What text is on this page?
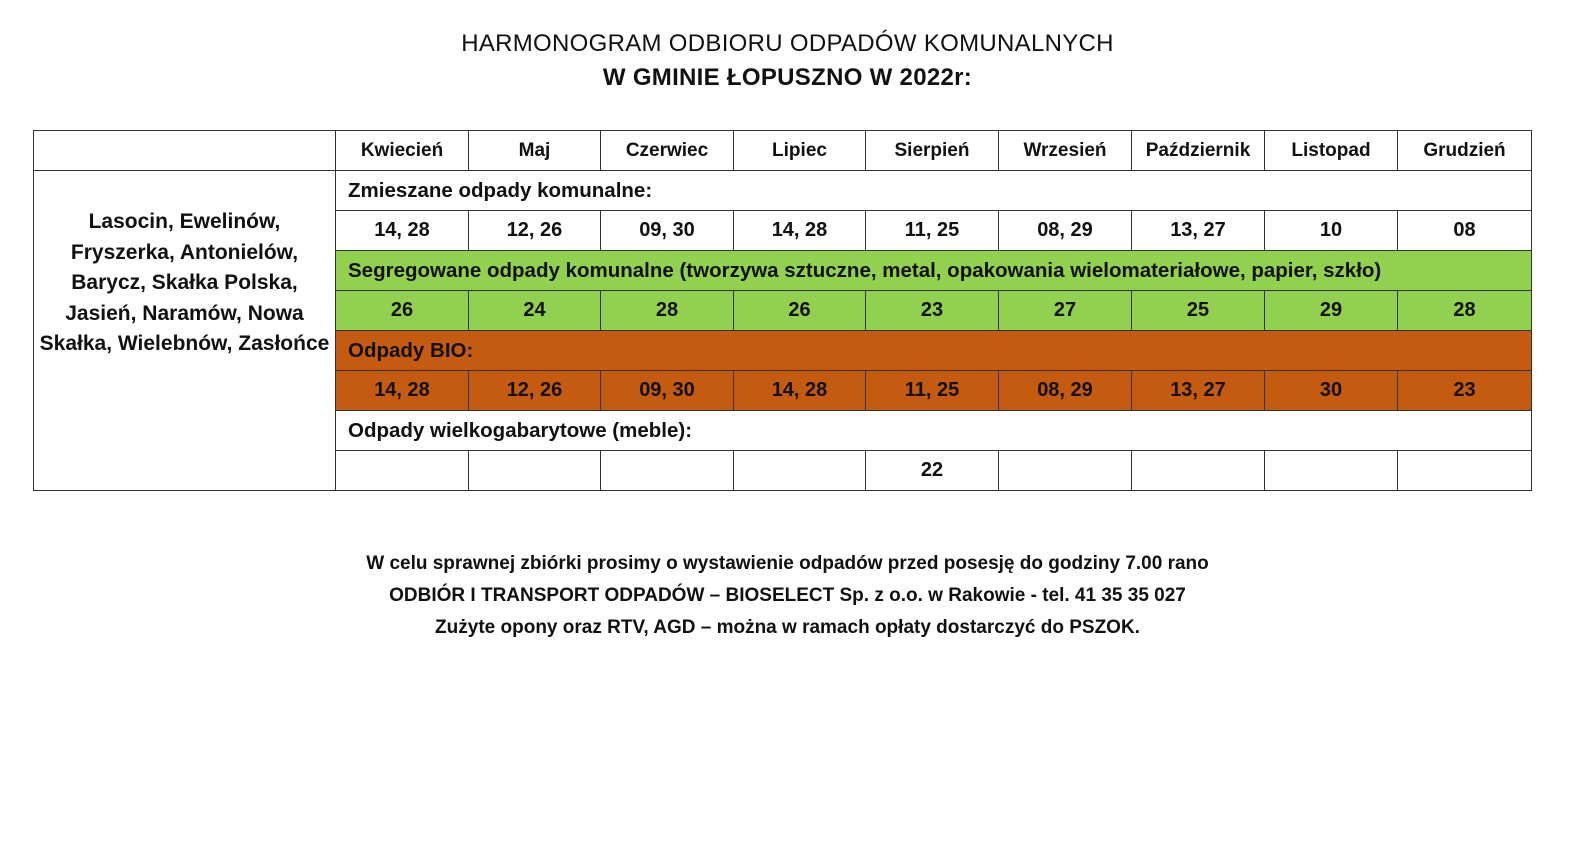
HARMONOGRAM ODBIORU ODPADÓW KOMUNALNYCH
W GMINIE ŁOPUSZNO W 2022r:
	Kwiecień	Maj	Czerwiec	Lipiec	Sierpień	Wrzesień	Październik	Listopad	Grudzień
Lasocin, Ewelinów, Fryszerka, Antonielów, Barycz, Skałka Polska, Jasień, Naramów, Nowa Skałka, Wielebnów, Zasłońce	Zmieszane odpady komunalne:								
	14, 28	12, 26	09, 30	14, 28	11, 25	08, 29	13, 27	10	08
	Segregowane odpady komunalne (tworzywa sztuczne, metal, opakowania wielomateriałowe, papier, szkło)								
	26	24	28	26	23	27	25	29	28
	Odpady BIO:								
	14, 28	12, 26	09, 30	14, 28	11, 25	08, 29	13, 27	30	23
	Odpady wielkogabarytowe (meble):								
					22				
W celu sprawnej zbiórki prosimy o wystawienie odpadów przed posesję do godziny 7.00 rano
ODBIÓR I TRANSPORT ODPADÓW – BIOSELECT Sp. z o.o. w Rakowie - tel. 41 35 35 027
Zużyte opony oraz RTV, AGD – można w ramach opłaty dostarczyć do PSZOK.
